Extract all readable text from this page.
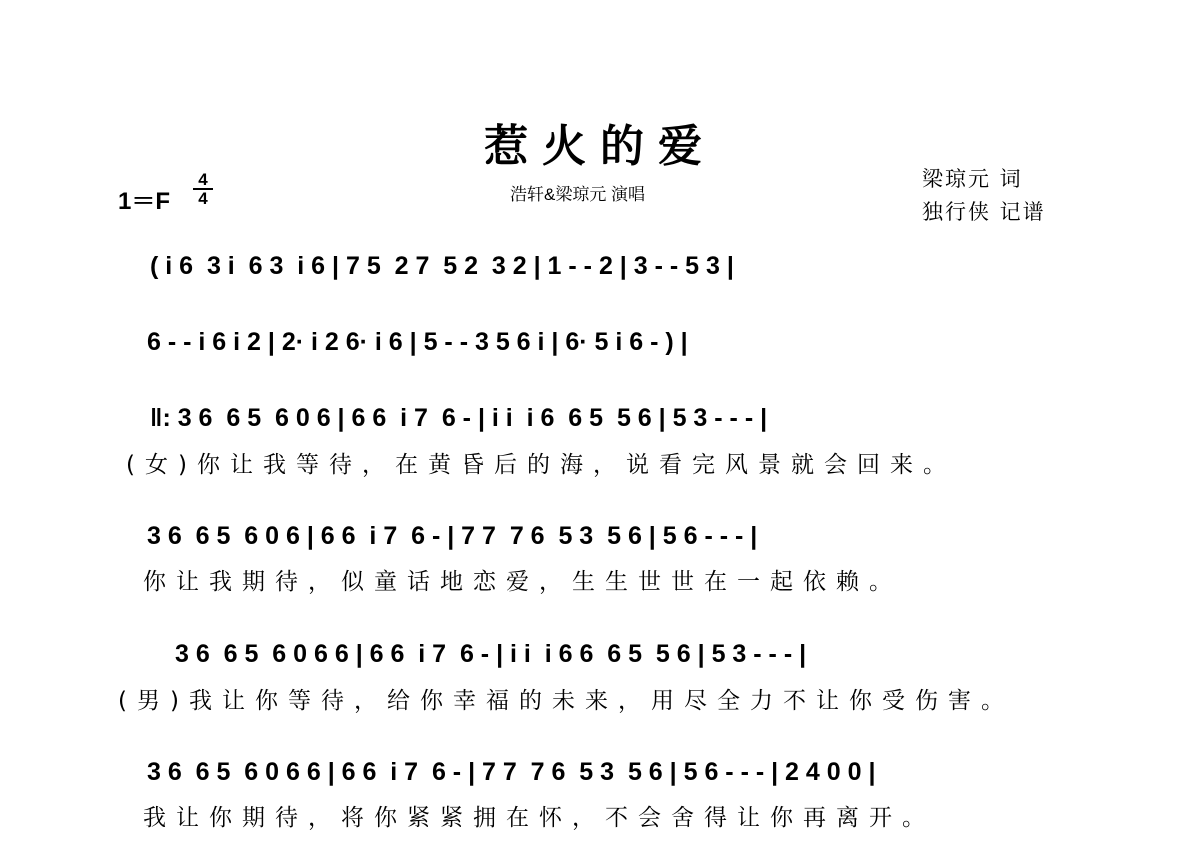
惹火的爱
1＝F
4
4	浩轩&梁琼元 演唱
梁琼元 词
独行侠 记谱
( i 6  3 i  6 3  i 6 | 7 5  2 7  5 2  3 2 | 1 - - 2 | 3 - - 5 3 |
6 - - i 6 i 2 | 2· i 2 6· i 6 | 5 - - 3 5 6 i | 6· 5 i 6 - ) |
‖: 3 6  6 5  6 0 6 | 6 6  i 7  6 - | i i  i 6  6 5  5 6 | 5 3 - - - |
(女)你让我等待，在黄昏后的海，说看完风景就会回来。
3 6  6 5  6 0 6 | 6 6  i 7  6 - | 7 7  7 6  5 3  5 6 | 5 6 - - - |
你让我期待，似童话地恋爱，生生世世在一起依赖。
3 6  6 5  6 0 6 6 | 6 6  i 7  6 - | i i  i 6 6  6 5  5 6 | 5 3 - - - |
(男)我让你等待，给你幸福的未来，用尽全力不让你受伤害。
3 6  6 5  6 0 6 6 | 6 6  i 7  6 - | 7 7  7 6  5 3  5 6 | 5 6 - - - | 2 4 0 0 |
我让你期待，将你紧紧拥在怀，不会舍得让你再离开。
